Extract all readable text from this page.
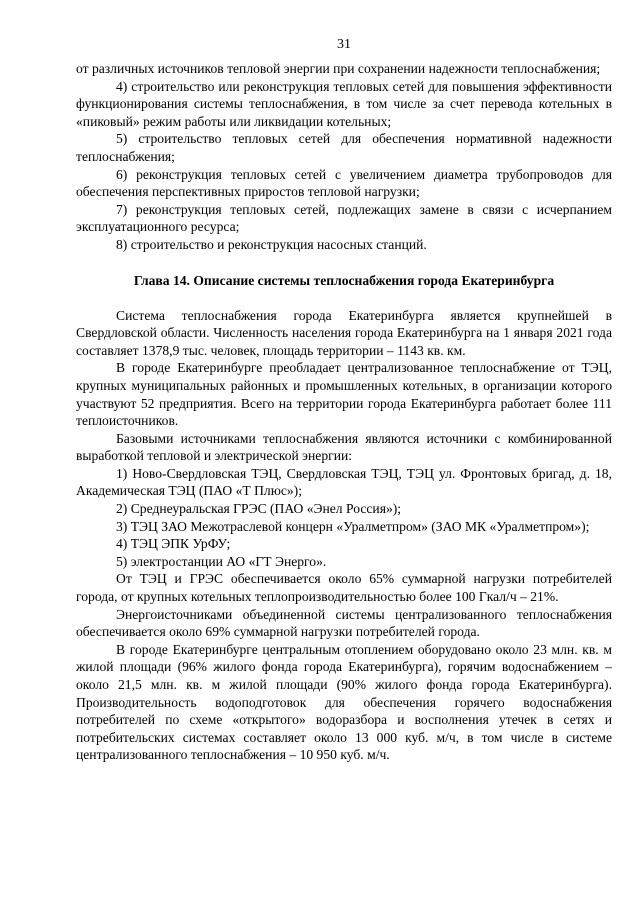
31

от различных источников тепловой энергии при сохранении надежности теплоснабжения;

4) строительство или реконструкция тепловых сетей для повышения эффективности функционирования системы теплоснабжения, в том числе за счет перевода котельных в «пиковый» режим работы или ликвидации котельных;

5) строительство тепловых сетей для обеспечения нормативной надежности теплоснабжения;

6) реконструкция тепловых сетей с увеличением диаметра трубопроводов для обеспечения перспективных приростов тепловой нагрузки;

7) реконструкция тепловых сетей, подлежащих замене в связи с исчерпанием эксплуатационного ресурса;

8) строительство и реконструкция насосных станций.

Глава 14. Описание системы теплоснабжения города Екатеринбурга

Система теплоснабжения города Екатеринбурга является крупнейшей в Свердловской области. Численность населения города Екатеринбурга на 1 января 2021 года составляет 1378,9 тыс. человек, площадь территории – 1143 кв. км.

В городе Екатеринбурге преобладает централизованное теплоснабжение от ТЭЦ, крупных муниципальных районных и промышленных котельных, в организации которого участвуют 52 предприятия. Всего на территории города Екатеринбурга работает более 111 теплоисточников.

Базовыми источниками теплоснабжения являются источники с комбинированной выработкой тепловой и электрической энергии:

1) Ново-Свердловская ТЭЦ, Свердловская ТЭЦ, ТЭЦ ул. Фронтовых бригад, д. 18, Академическая ТЭЦ (ПАО «Т Плюс»);

2) Среднеуральская ГРЭС (ПАО «Энел Россия»);

3) ТЭЦ ЗАО Межотраслевой концерн «Уралметпром» (ЗАО МК «Уралметпром»);

4) ТЭЦ ЭПК УрФУ;

5) электростанции АО «ГТ Энерго».

От ТЭЦ и ГРЭС обеспечивается около 65% суммарной нагрузки потребителей города, от крупных котельных теплопроизводительностью более 100 Гкал/ч – 21%.

Энергоисточниками объединенной системы централизованного теплоснабжения обеспечивается около 69% суммарной нагрузки потребителей города.

В городе Екатеринбурге центральным отоплением оборудовано около 23 млн. кв. м жилой площади (96% жилого фонда города Екатеринбурга), горячим водоснабжением – около 21,5 млн. кв. м жилой площади (90% жилого фонда города Екатеринбурга). Производительность водоподготовок для обеспечения горячего водоснабжения потребителей по схеме «открытого» водоразбора и восполнения утечек в сетях и потребительских системах составляет около 13 000 куб. м/ч, в том числе в системе централизованного теплоснабжения – 10 950 куб. м/ч.
